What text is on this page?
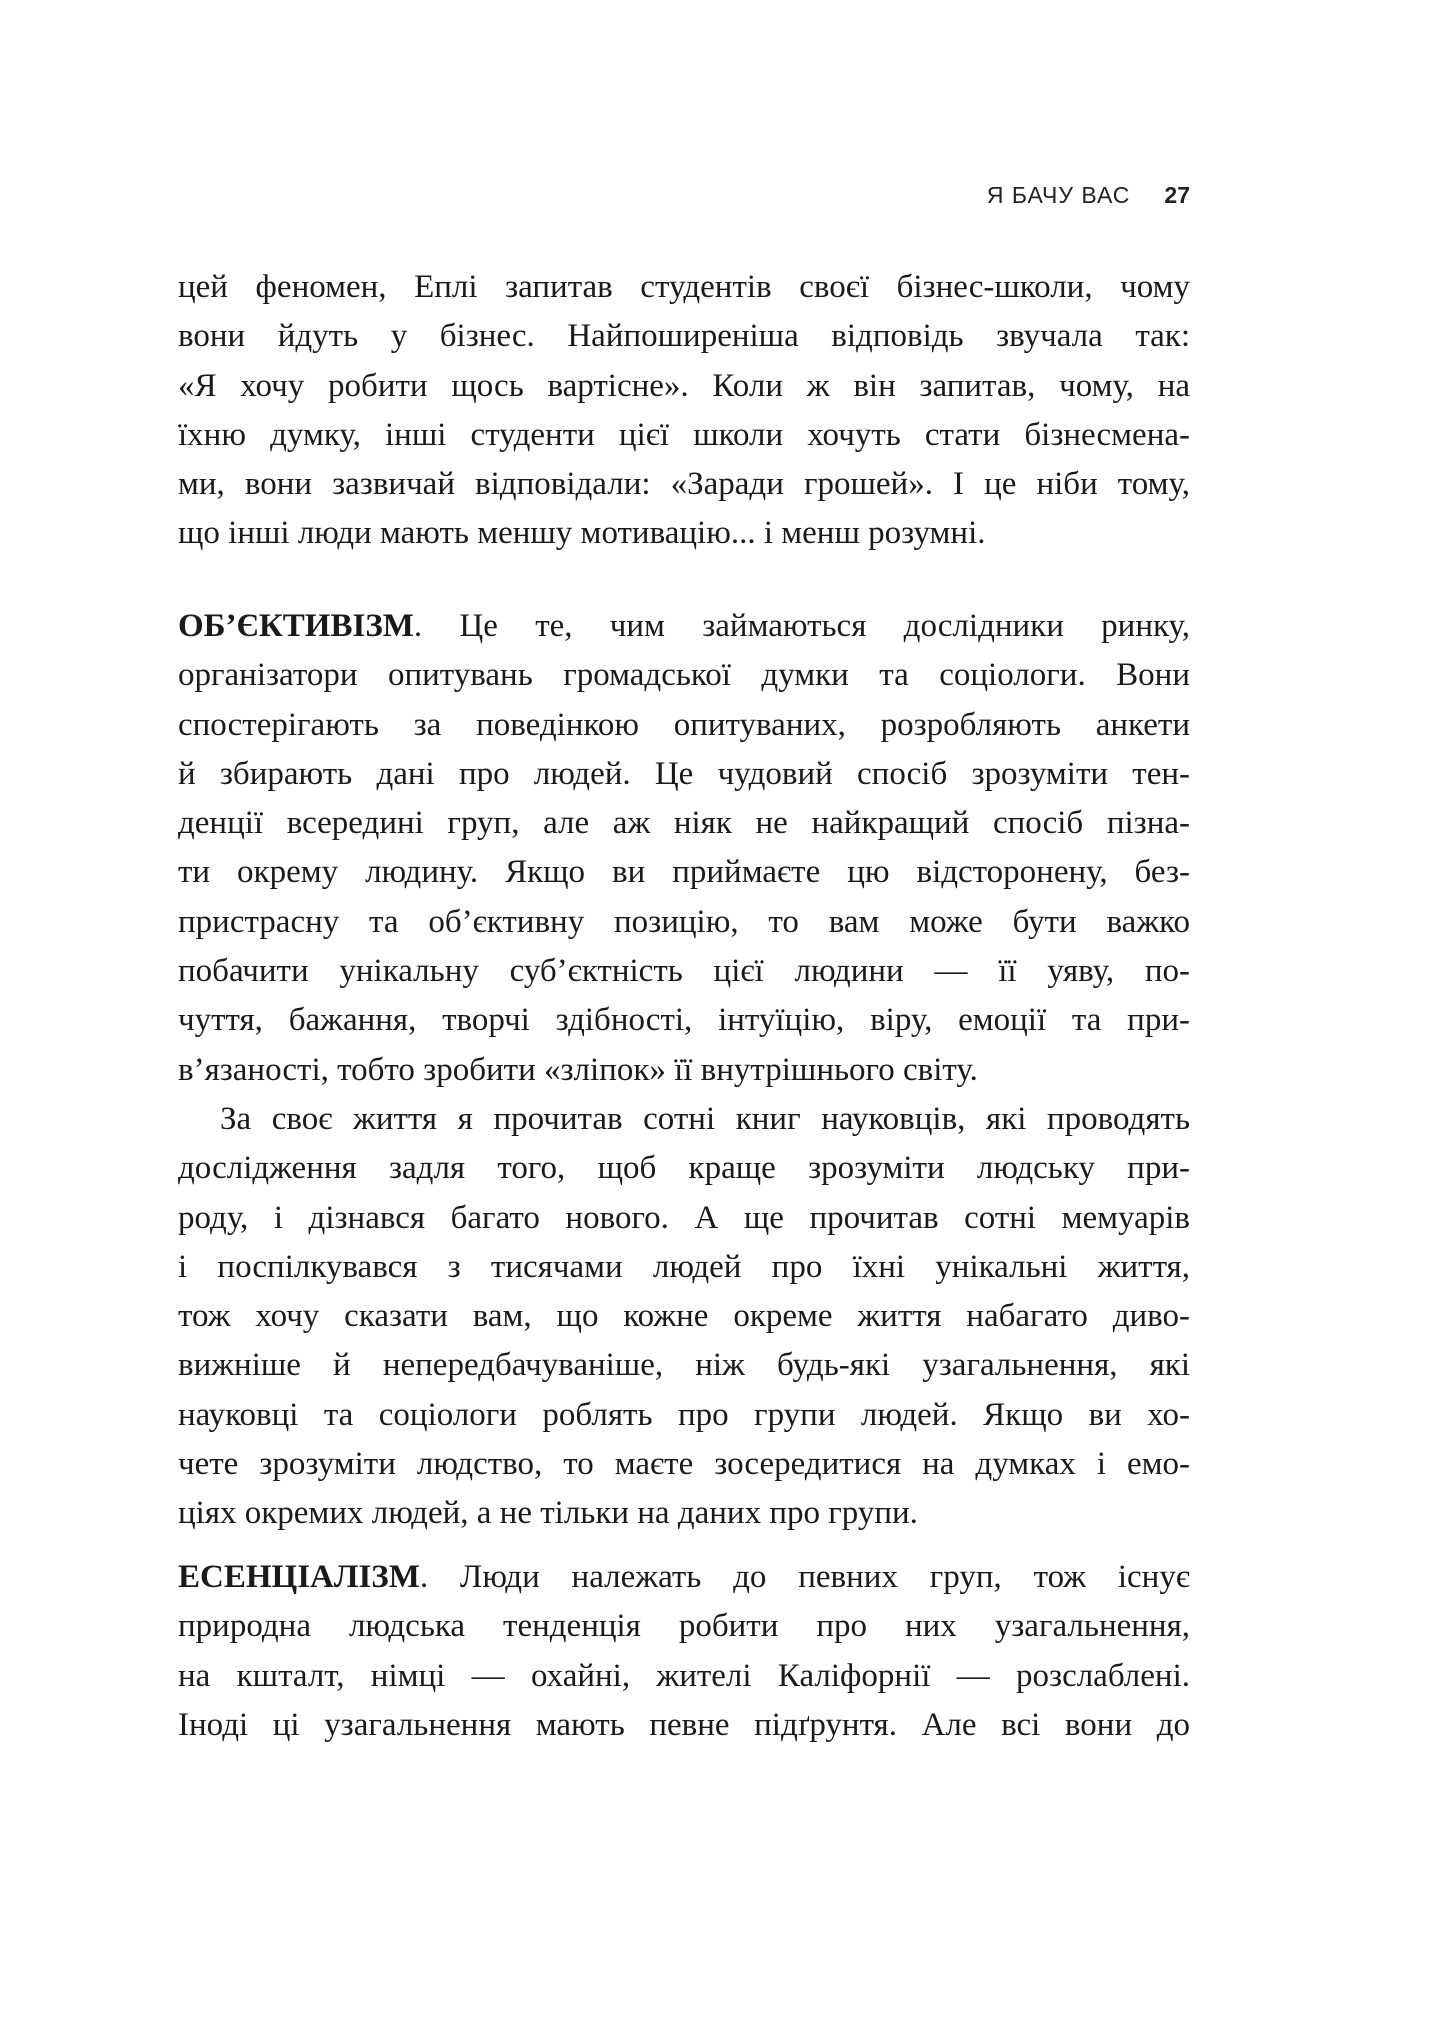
Я БАЧУ ВАС 27
цей феномен, Еплі запитав студентів своєї бізнес-школи, чому
вони йдуть у бізнес. Найпоширеніша відповідь звучала так:
«Я хочу робити щось вартісне». Коли ж він запитав, чому, на
їхню думку, інші студенти цієї школи хочуть стати бізнесмена-
ми, вони зазвичай відповідали: «Заради грошей». І це ніби тому,
що інші люди мають меншу мотивацію... і менш розумні.
ОБ’ЄКТИВІЗМ. Це те, чим займаються дослідники ринку,
організатори опитувань громадської думки та соціологи. Вони
спостерігають за поведінкою опитуваних, розробляють анкети
й збирають дані про людей. Це чудовий спосіб зрозуміти тен-
денції всередині груп, але аж ніяк не найкращий спосіб пізна-
ти окрему людину. Якщо ви приймаєте цю відсторонену, без-
пристрасну та об’єктивну позицію, то вам може бути важко
побачити унікальну суб’єктність цієї людини — її уяву, по-
чуття, бажання, творчі здібності, інтуїцію, віру, емоції та при-
в’язаності, тобто зробити «зліпок» її внутрішнього світу.
За своє життя я прочитав сотні книг науковців, які проводять
дослідження задля того, щоб краще зрозуміти людську при-
роду, і дізнався багато нового. А ще прочитав сотні мемуарів
і поспілкувався з тисячами людей про їхні унікальні життя,
тож хочу сказати вам, що кожне окреме життя набагато диво-
вижніше й непередбачуваніше, ніж будь-які узагальнення, які
науковці та соціологи роблять про групи людей. Якщо ви хо-
чете зрозуміти людство, то маєте зосередитися на думках і емо-
ціях окремих людей, а не тільки на даних про групи.
ЕСЕНЦІАЛІЗМ. Люди належать до певних груп, тож існує
природна людська тенденція робити про них узагальнення,
на кшталт, німці — охайні, жителі Каліфорнії — розслаблені.
Іноді ці узагальнення мають певне підґрунтя. Але всі вони до
